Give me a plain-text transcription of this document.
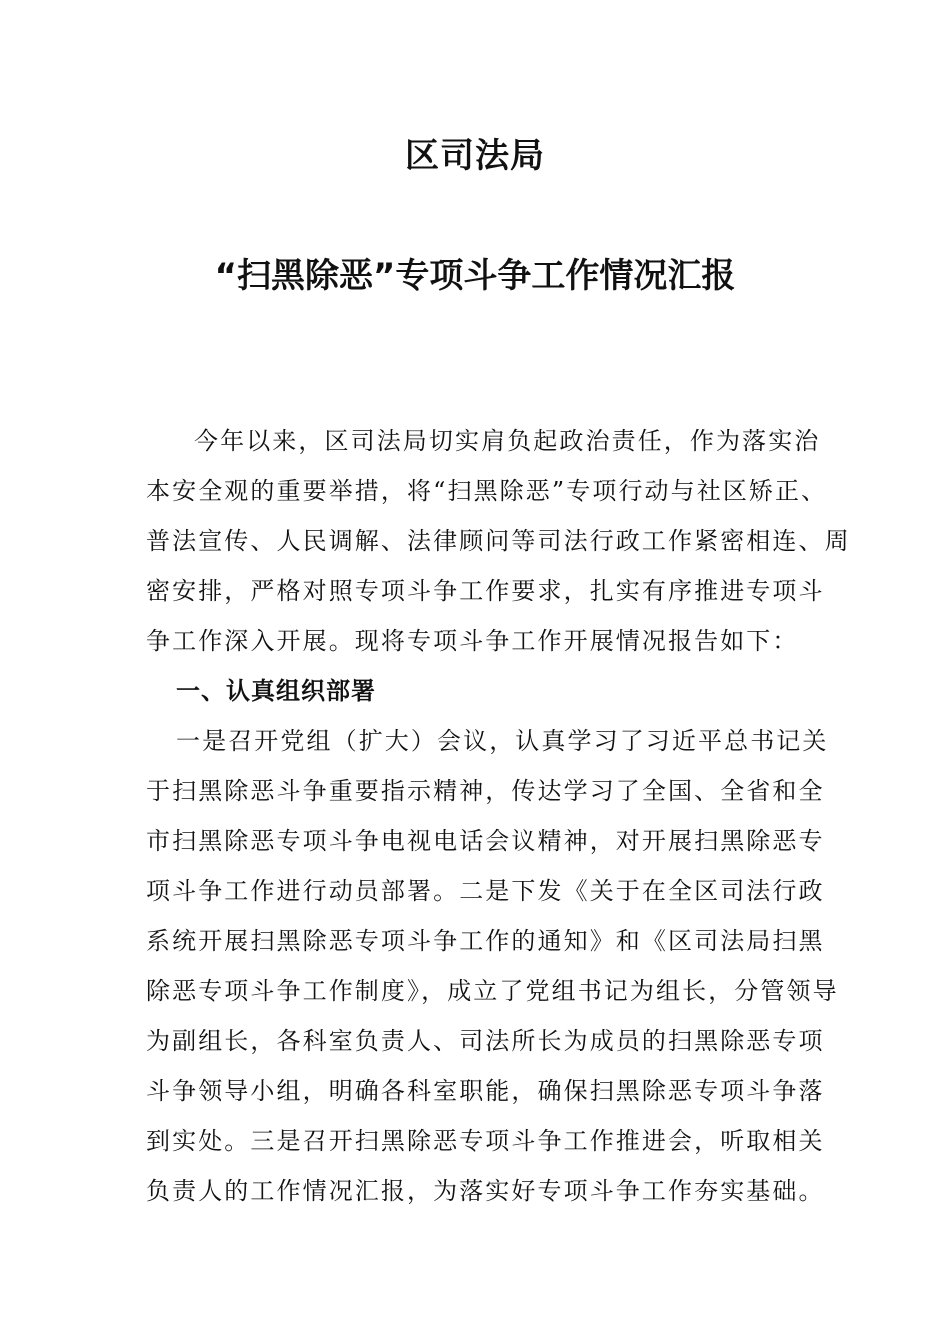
区司法局
“扫黑除恶”专项斗争工作情况汇报
今年以来，区司法局切实肩负起政治责任，作为落实治
本安全观的重要举措，将“扫黑除恶”专项行动与社区矫正、
普法宣传、人民调解、法律顾问等司法行政工作紧密相连、周
密安排，严格对照专项斗争工作要求，扎实有序推进专项斗
争工作深入开展。现将专项斗争工作开展情况报告如下：
一、认真组织部署
一是召开党组（扩大）会议，认真学习了习近平总书记关
于扫黑除恶斗争重要指示精神，传达学习了全国、全省和全
市扫黑除恶专项斗争电视电话会议精神，对开展扫黑除恶专
项斗争工作进行动员部署。二是下发《关于在全区司法行政
系统开展扫黑除恶专项斗争工作的通知》和《区司法局扫黑
除恶专项斗争工作制度》，成立了党组书记为组长，分管领导
为副组长，各科室负责人、司法所长为成员的扫黑除恶专项
斗争领导小组，明确各科室职能，确保扫黑除恶专项斗争落
到实处。三是召开扫黑除恶专项斗争工作推进会，听取相关
负责人的工作情况汇报，为落实好专项斗争工作夯实基础。
